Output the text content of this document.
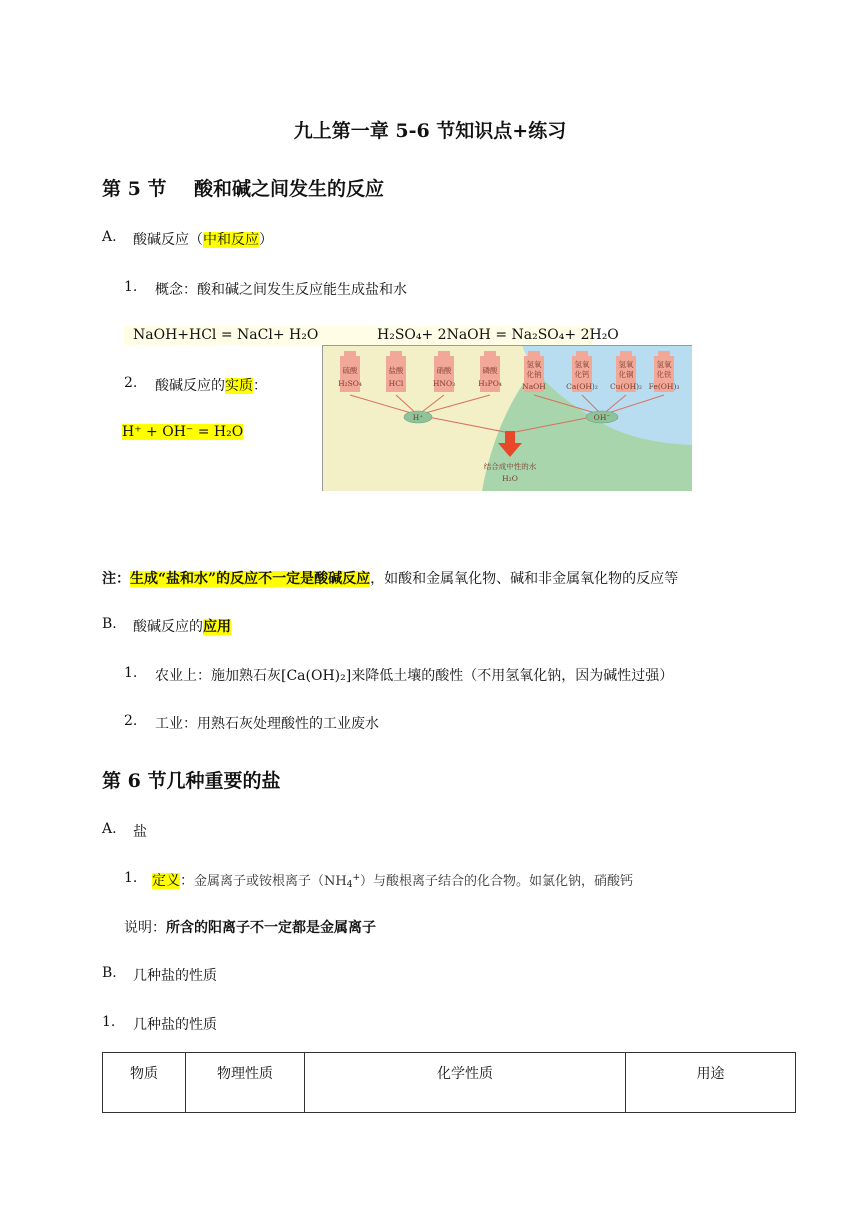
九上第一章 5-6 节知识点+练习
第 5 节 酸和碱之间发生的反应
A. 酸碱反应（中和反应）
1. 概念：酸和碱之间发生反应能生成盐和水
NaOH+HCl = NaCl+ H₂O	H₂SO₄+ 2NaOH = Na₂SO₄+ 2H₂O
2. 酸碱反应的实质：
H⁺ + OH⁻ = H₂O
硫酸
H₂SO₄
盐酸
HCl
硝酸
HNO₃
磷酸
H₃PO₄
氢氧
化钠
NaOH
氢氧
化钙
Ca(OH)₂
氢氧
化铜
Cu(OH)₂
氢氧
化铁
Fe(OH)₃
H⁺	OH⁻
结合成中性的水
H₂O
注：生成“盐和水”的反应不一定是酸碱反应，如酸和金属氧化物、碱和非金属氧化物的反应等
B. 酸碱反应的应用
1. 农业上：施加熟石灰[Ca(OH)₂]来降低土壤的酸性（不用氢氧化钠，因为碱性过强）
2. 工业：用熟石灰处理酸性的工业废水
第 6 节几种重要的盐
A. 盐
1. 定义：金属离子或铵根离子$(NH_4^+)$与酸根离子结合的化合物。如氯化钠，硝酸钙
说明：所含的阳离子不一定都是金属离子
B. 几种盐的性质
1. 几种盐的性质
物质	物理性质	化学性质	用途
